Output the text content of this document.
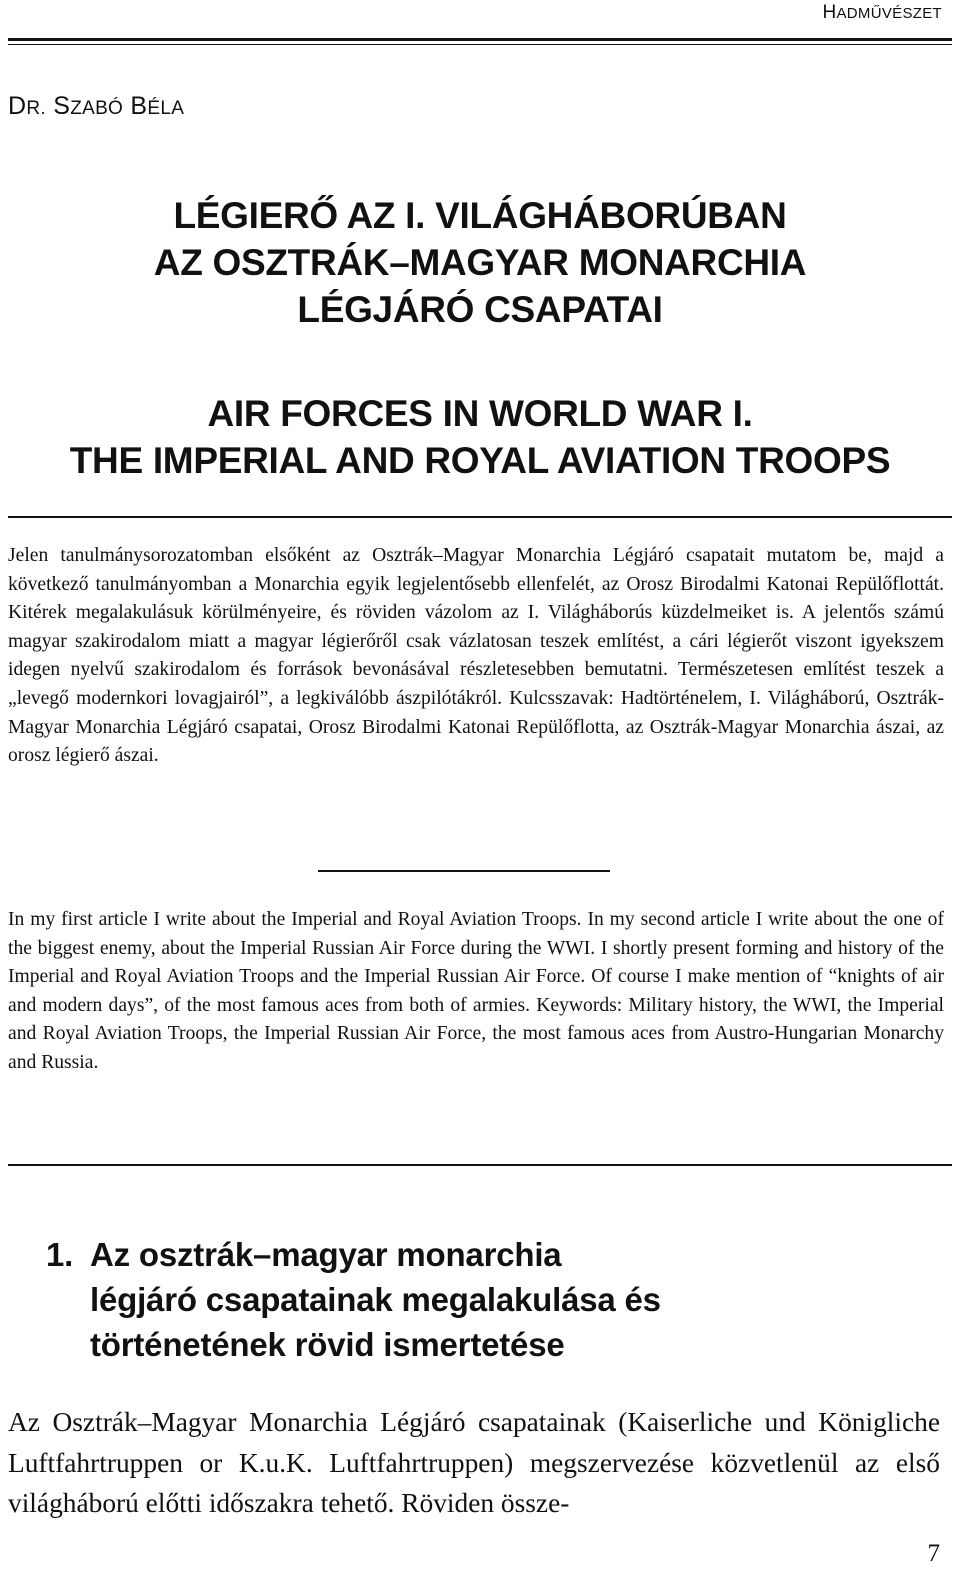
HADMŰVÉSZET
DR. SZABÓ BÉLA
LÉGIERŐ AZ I. VILÁGHÁBORÚBAN
AZ OSZTRÁK–MAGYAR MONARCHIA
LÉGJÁRÓ CSAPATAI
AIR FORCES IN WORLD WAR I.
THE IMPERIAL AND ROYAL AVIATION TROOPS

Jelen tanulmánysorozatomban elsőként az Osztrák–Magyar Monarchia Légjáró csapatait mutatom be, majd a következő tanulmányomban a Monarchia egyik legjelentősebb ellenfelét, az Orosz Birodalmi Katonai Repülőflottát. Kitérek megalakulásuk körülményeire, és röviden vázolom az I. Világháborús küzdelmeiket is. A jelentős számú magyar szakirodalom miatt a magyar légierőről csak vázlatosan teszek említést, a cári légierőt viszont igyekszem idegen nyelvű szakirodalom és források bevonásával részletesebben bemutatni. Természetesen említést teszek a „levegő modernkori lovagjairól”, a legkiválóbb ászpilótákról. Kulcsszavak: Hadtörténelem, I. Világháború, Osztrák-Magyar Monarchia Légjáró csapatai, Orosz Birodalmi Katonai Repülőflotta, az Osztrák-Magyar Monarchia ászai, az orosz légierő ászai.

In my first article I write about the Imperial and Royal Aviation Troops. In my second article I write about the one of the biggest enemy, about the Imperial Russian Air Force during the WWI. I shortly present forming and history of the Imperial and Royal Aviation Troops and the Imperial Russian Air Force. Of course I make mention of “knights of air and modern days”, of the most famous aces from both of armies. Keywords: Military history, the WWI, the Imperial and Royal Aviation Troops, the Imperial Russian Air Force, the most famous aces from Austro-Hungarian Monarchy and Russia.

1. Az osztrák–magyar monarchia
légjáró csapatainak megalakulása és
történetének rövid ismertetése

Az Osztrák–Magyar Monarchia Légjáró csapatainak (Kaiserliche und Königliche Luftfahrtruppen or K.u.K. Luftfahrtruppen) megszervezése közvetlenül az első világháború előtti időszakra tehető. Röviden össze-

7
